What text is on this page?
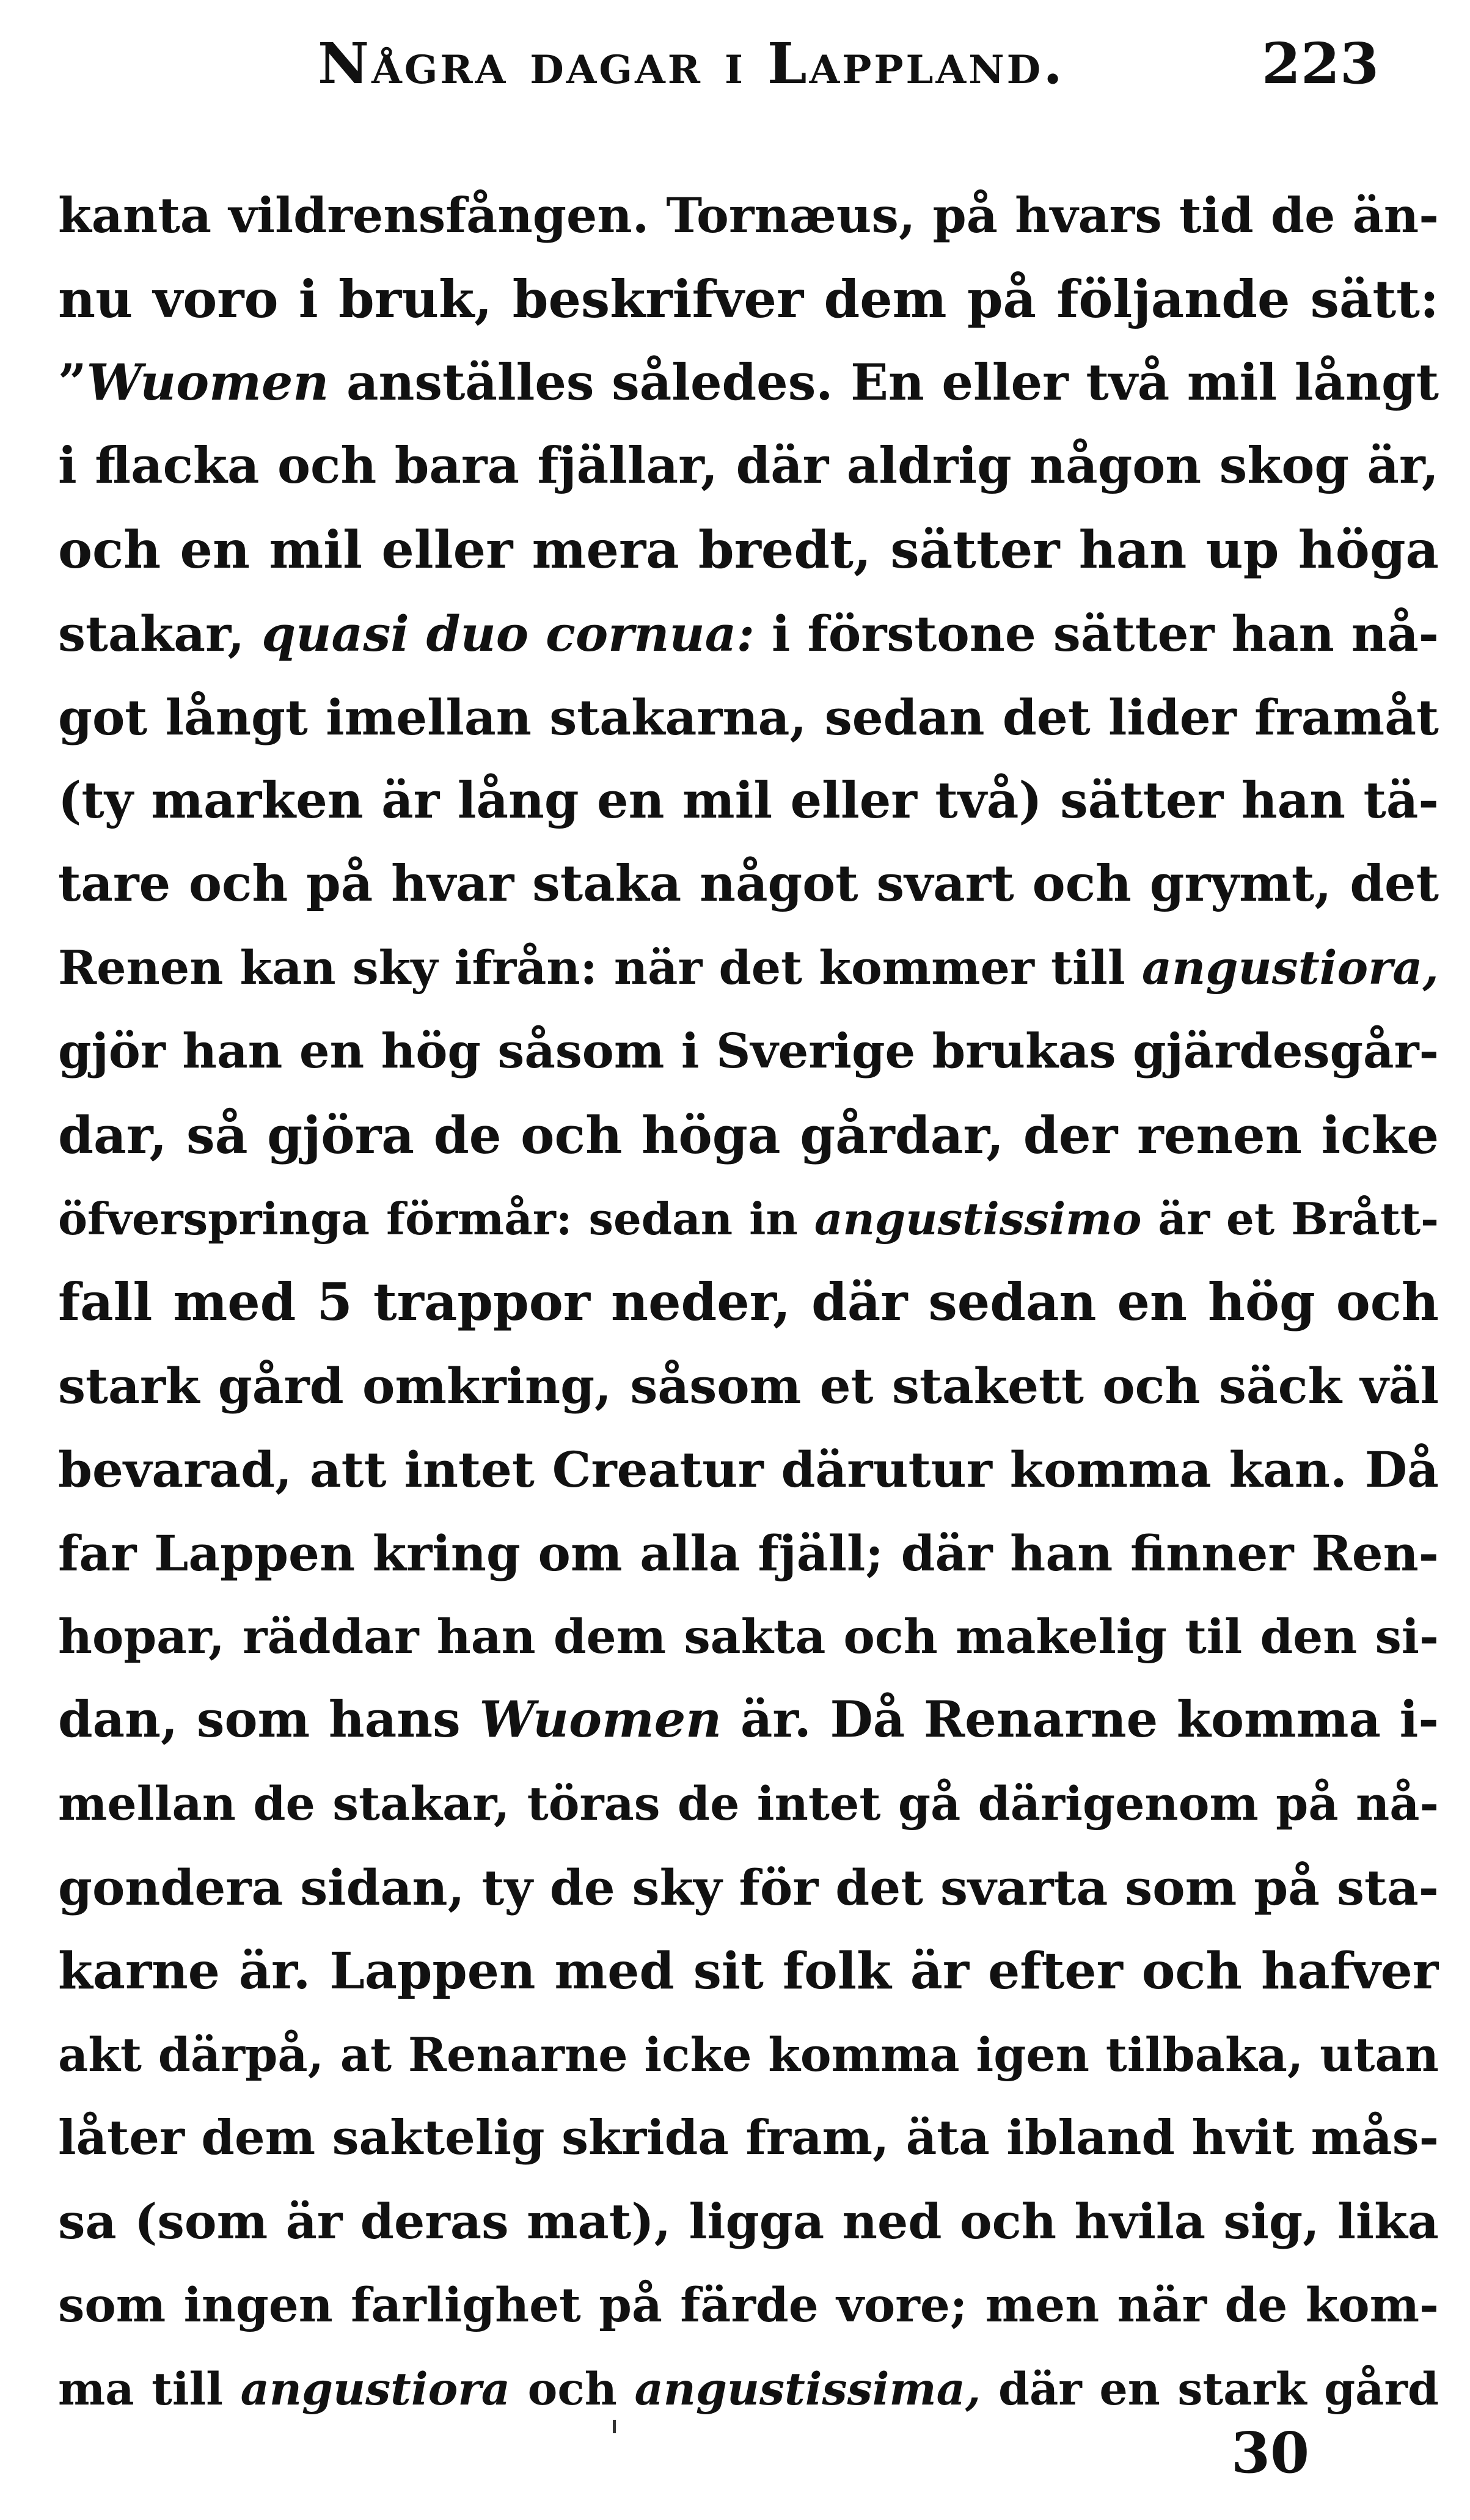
Några dagar i Lappland.	223
kanta vildrensfången. Tornæus, på hvars tid de än-
nu voro i bruk, beskrifver dem på följande sätt:
”Wuomen anställes således. En eller två mil långt
i flacka och bara fjällar, där aldrig någon skog är,
och en mil eller mera bredt, sätter han up höga
stakar, quasi duo cornua: i förstone sätter han nå-
got långt imellan stakarna, sedan det lider framåt
(ty marken är lång en mil eller två) sätter han tä-
tare och på hvar staka något svart och grymt, det
Renen kan sky ifrån: när det kommer till angustiora,
gjör han en hög såsom i Sverige brukas gjärdesgår-
dar, så gjöra de och höga gårdar, der renen icke
öfverspringa förmår: sedan in angustissimo är et Brått-
fall med 5 trappor neder, där sedan en hög och
stark gård omkring, såsom et stakett och säck väl
bevarad, att intet Creatur därutur komma kan. Då
far Lappen kring om alla fjäll; där han finner Ren-
hopar, räddar han dem sakta och makelig til den si-
dan, som hans Wuomen är. Då Renarne komma i-
mellan de stakar, töras de intet gå därigenom på nå-
gondera sidan, ty de sky för det svarta som på sta-
karne är. Lappen med sit folk är efter och hafver
akt därpå, at Renarne icke komma igen tilbaka, utan
låter dem saktelig skrida fram, äta ibland hvit mås-
sa (som är deras mat), ligga ned och hvila sig, lika
som ingen farlighet på färde vore; men när de kom-
ma till angustiora och angustissima, där en stark gård
30
